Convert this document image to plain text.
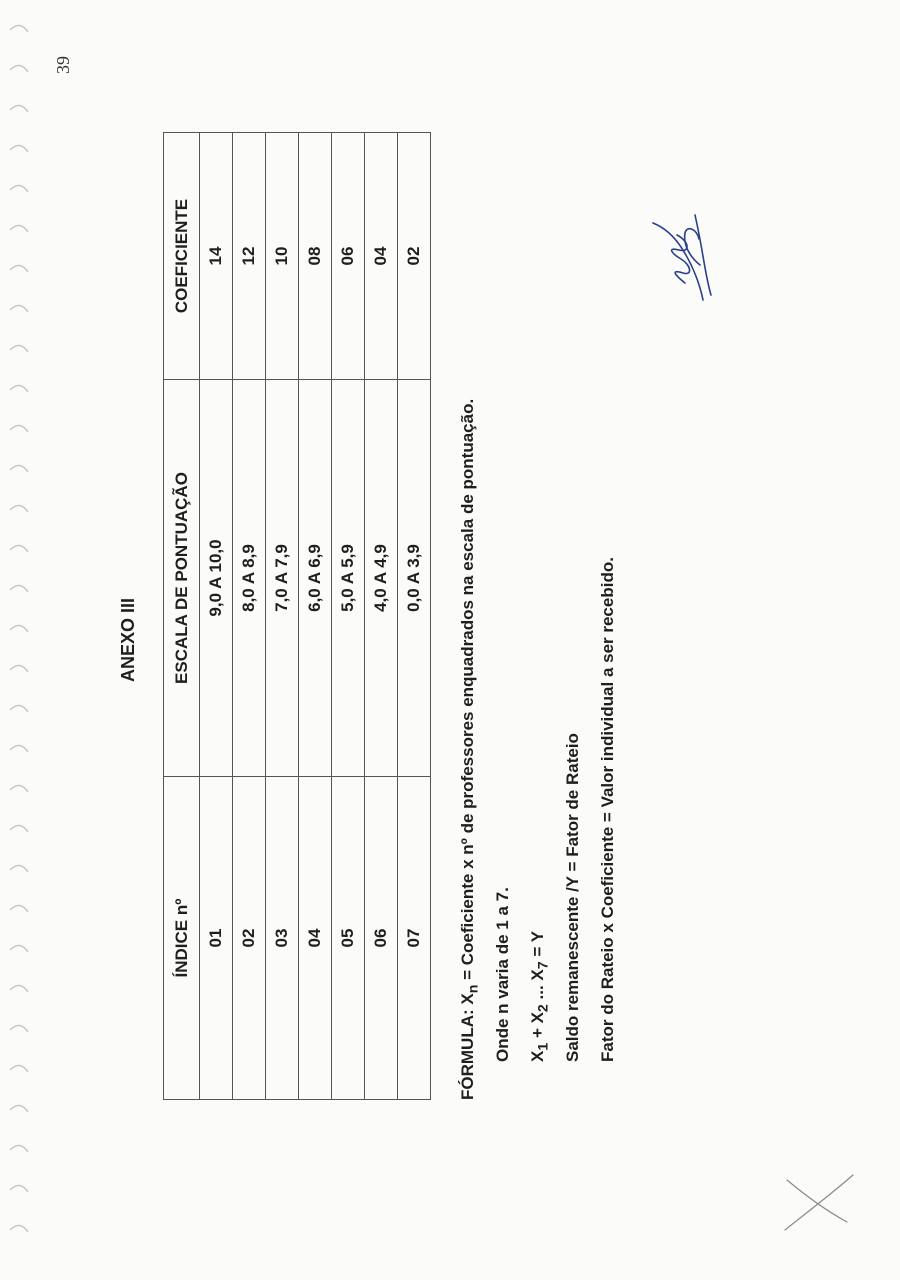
39
ANEXO III
ÍNDICE nº	ESCALA DE PONTUAÇÃO	COEFICIENTE
01	9,0 A 10,0	14
02	8,0 A 8,9	12
03	7,0 A 7,9	10
04	6,0 A 6,9	08
05	5,0 A 5,9	06
06	4,0 A 4,9	04
07	0,0 A 3,9	02
FÓRMULA: $X_n$ = Coeficiente x nº de professores enquadrados na escala de pontuação. Onde n varia de 1 a 7. $X_1 + X_2$ ... $X_7 = Y$ Saldo remanescente /Y = Fator de Rateio Fator do Rateio x Coeficiente = Valor individual a ser recebido.
